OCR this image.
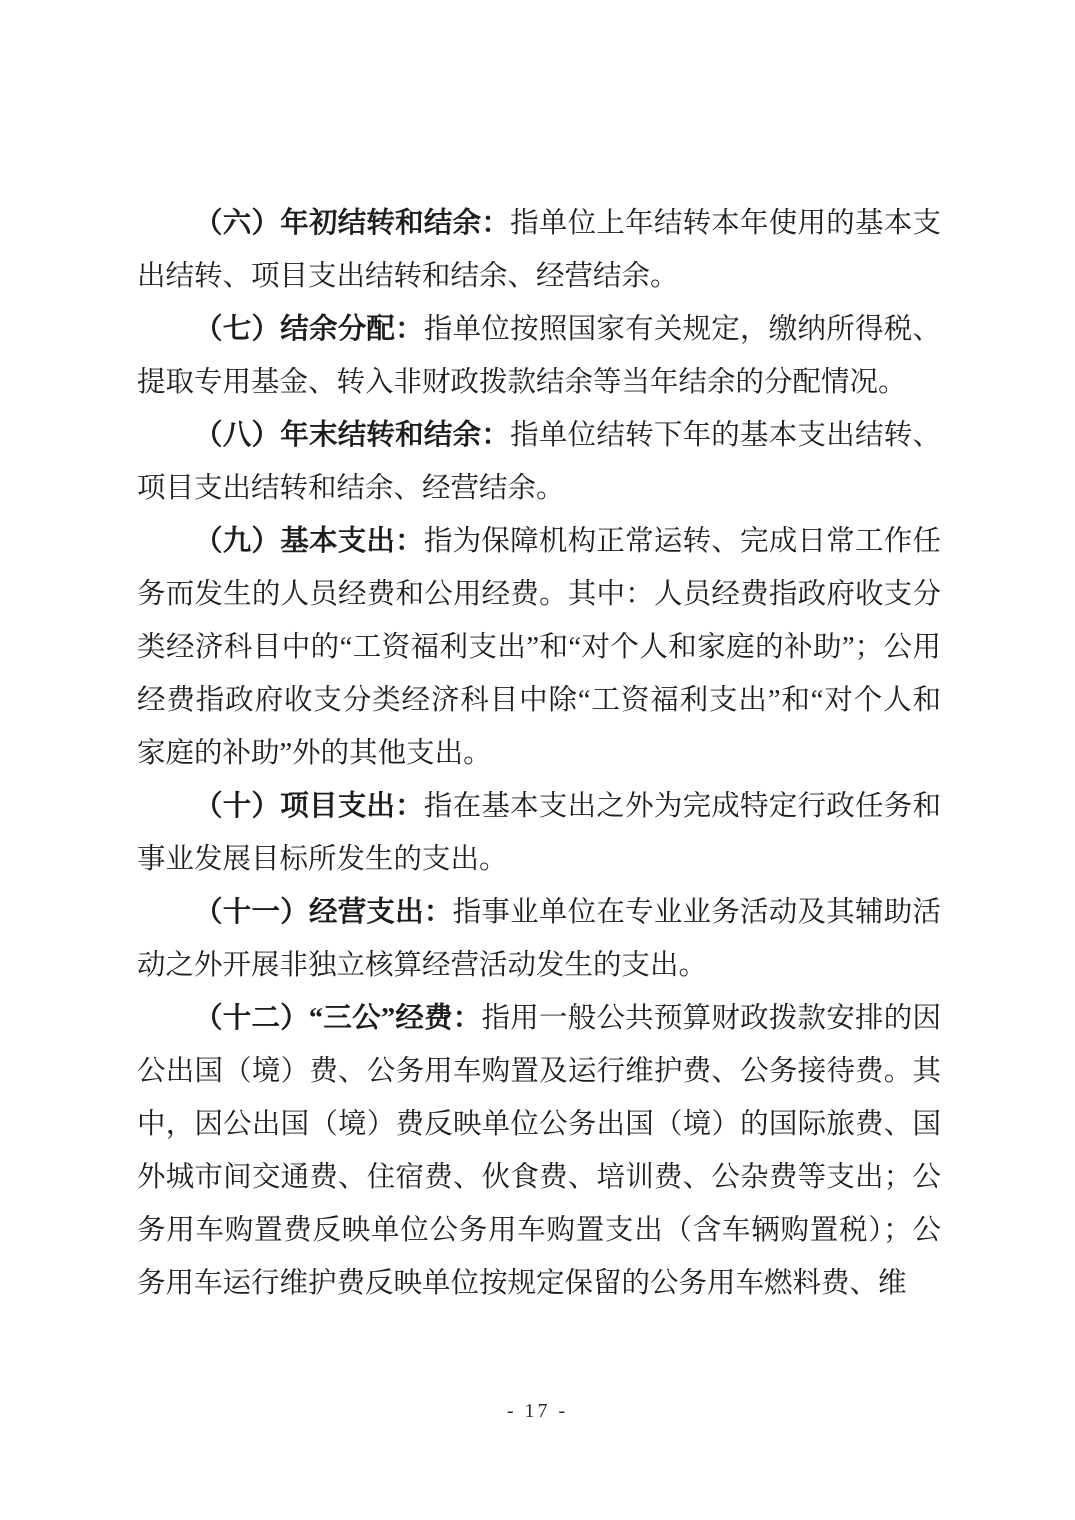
（六）年初结转和结余：指单位上年结转本年使用的基本支出结转、项目支出结转和结余、经营结余。

（七）结余分配：指单位按照国家有关规定，缴纳所得税、提取专用基金、转入非财政拨款结余等当年结余的分配情况。

（八）年末结转和结余：指单位结转下年的基本支出结转、项目支出结转和结余、经营结余。

（九）基本支出：指为保障机构正常运转、完成日常工作任务而发生的人员经费和公用经费。其中：人员经费指政府收支分类经济科目中的“工资福利支出”和“对个人和家庭的补助”；公用经费指政府收支分类经济科目中除“工资福利支出”和“对个人和家庭的补助”外的其他支出。

（十）项目支出：指在基本支出之外为完成特定行政任务和事业发展目标所发生的支出。

（十一）经营支出：指事业单位在专业业务活动及其辅助活动之外开展非独立核算经营活动发生的支出。

（十二）“三公”经费：指用一般公共预算财政拨款安排的因公出国（境）费、公务用车购置及运行维护费、公务接待费。其中，因公出国（境）费反映单位公务出国（境）的国际旅费、国外城市间交通费、住宿费、伙食费、培训费、公杂费等支出；公务用车购置费反映单位公务用车购置支出（含车辆购置税）；公务用车运行维护费反映单位按规定保留的公务用车燃料费、维

- 17 -
